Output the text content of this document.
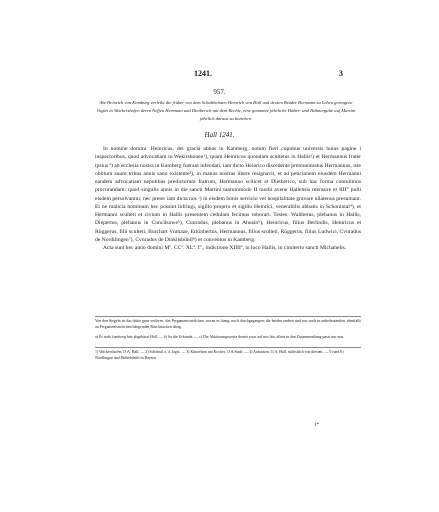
1241.	3
957.

Abt Heinrich von Komburg verleiht die früher von dem Schultheissen Heinrich von Hall und dessen Brüder Hermann zu Lehen getragene Vogtei in Wackershofen deren Neffen Hermann und Dietherich mit dem Rechte, eine genannte jährliche Haber- und Hühnergülte auf Martini jährlich daraus zu beziehen.

Hall 1241.

In nomine domini. Heinricus, dei gracia abbas in Kamberg, notum fieri cupimus universis huius pagine i inspectoribus, quod advocatiam in Wekirshouen¹), quam Heinricus quondam scultetus in Hallis²) et Hermannus frater ipsius ª) ab ecclesia nostra in Kamberg fuerant infeodati, iam dicto Heinrico discedente premonimatus Hermannus, iste obiitum suum tribus annis sano existente³), in manus nostras libere resignavit, et ad peticionem eiusdem Hermanni eandem advocatiam nepotibus predictorum fratrum, Hermanno scilicet et Dietherico, sub hac forma contulimus procurandam: quod singulis annis in die sancti Martini tantummodo II modii avene Hallensis mensure et IIII° pulli eisdem persolvantur, nec preter iam dicta nos ᶜ) in eisdem bonis servicio vel hospitalitate gravare ullatenus presumant. Et ne malicia hominum hec possint infringi, sigillo proprio et sigillo Heinrici, venerabilis abbatis in Schonintal⁴), et Hermanni sculteti et civium in Hallis presentem cedulam fecimus roborari. Testes: Waltherus, plebanus in Hallis, Diepertus, plebanus in Cuncilsowe⁵), Cunradus, plebanus in Ahusin⁶), Heinricus, filius Berlindis, Heinricus et Rüggerus, filii sculteti, Burchart Vnmaze, Erkinbertus, Hermannus, filius sculteti, Rüggerus, filius Ludwici, Cvnradus de Nordilingen⁷), Cvnradus de Dinkilsbühil⁸) et conventus in Kamberg.

Acta sunt hec anno domini Mº. CCº. XLº. Iº., indictione XIIIIª, in loco Hallis, in cimiterio sancti Michahelis.

Von den Siegeln ist das dritte ganz verloren, das Pergamentstreifchen, woran es hieng, noch durchgegangen; die beiden andern sind nur noch in unbedeutenden, ebenfalls an Pergamentstreifchen hängenden Bruchstücken übrig.

a) Es steht fundweg hier abgekürzt Hall. — b) So die Urkunde. — c) Die Abkürzungsweise deutet zwar auf nos hin, allein in den Zusammenhang passt nur non.

1) Wackershofen, O.A. Hall. — 2) Schöntal a. d. Jagst. — 3) Künzelsau am Kocher, O.A.Stadt. — 4) Anhausen, O.A. Hall, südöstlich von diesem. — 5) und 6) Nördlingen und Dinkelsbühl in Bayern.

1*
